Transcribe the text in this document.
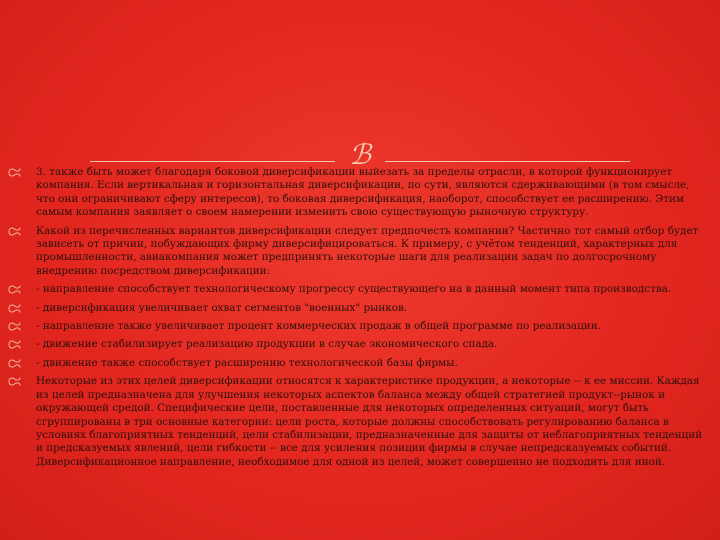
ℬ
3. также быть может благодаря боковой диверсификации выйезать за пределы отрасли, в которой функционирует компания. Если вертикальная и горизонтальная диверсификации, по сути, являются сдерживающими (в том смысле, что они ограничивают сферу интересов), то боковая диверсификация, наоборот, способствует ее расширению. Этим самым компания заявляет о своем намерении изменить свою существующую рыночную структуру.
Какой из перечисленных вариантов диверсификации следует предпочесть компании? Частично тот самый отбор будет зависеть от причин, побуждающих фирму диверсифицироваться. К примеру, с учётом тенденций, характерных для промышленности, авиакомпания может предпринять некоторые шаги для реализации задач по долгосрочному внедрению посредством диверсификации:
- направление способствует технологическому прогрессу существующего на в данный момент типа производства.
- диверсификация увеличивает охват сегментов "военных" рынков.
- направление также увеличивает процент коммерческих продаж в общей программе по реализации.
- движение стабилизирует реализацию продукции в случае экономического спада.
- движение также способствует расширению технологической базы фирмы.
Некоторые из этих целей диверсификации относятся к характеристике продукции, а некоторые -- к ее миссии. Каждая из целей предназначена для улучшения некоторых аспектов баланса между общей стратегией продукт--рынок и окружающей средой. Специфические цели, поставленные для некоторых определенных ситуаций, могут быть сгруппированы в три основные категории: цели роста, которые должны способствовать регулированию баланса в условиях благоприятных тенденций, цели стабилизации, предназначенные для защиты от неблагоприятных тенденций и предсказуемых явлений, цели гибкости -- все для усиления позиции фирмы в случае непредсказуемых событий. Диверсификационное направление, необходимое для одной из целей, может совершенно не подходить для иной.
